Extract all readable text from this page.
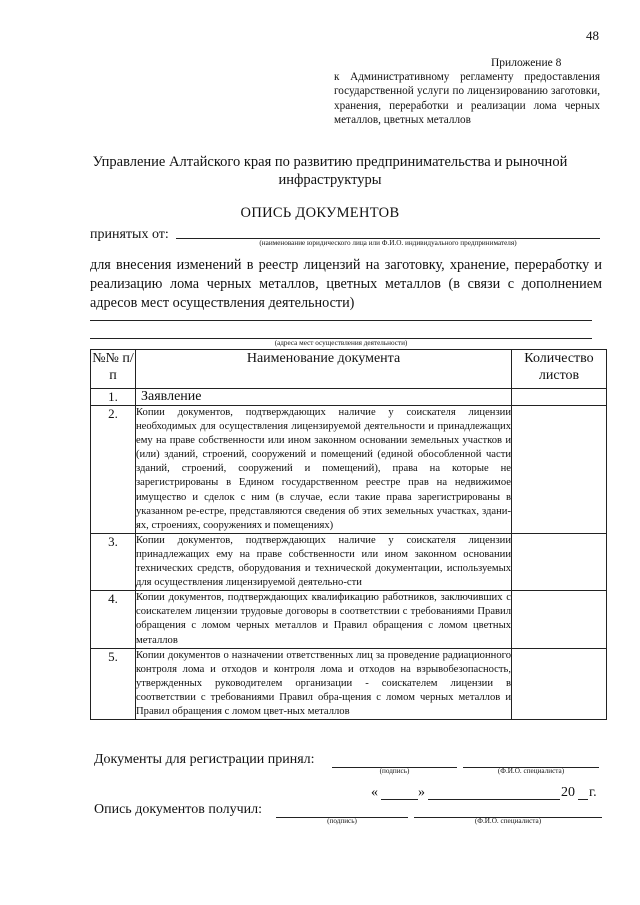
48
Приложение 8
к Административному регламенту предоставления государственной услуги по лицензированию заготовки, хранения, переработки и реализации лома черных металлов, цветных металлов
Управление Алтайского края по развитию предпринимательства и рыночной инфраструктуры
ОПИСЬ ДОКУМЕНТОВ
принятых от:
(наименование юридического лица или Ф.И.О. индивидуального предпринимателя)
для внесения изменений в реестр лицензий на заготовку, хранение, переработку и реализацию лома черных металлов, цветных металлов (в связи с дополнением адресов мест осуществления деятельности)
(адреса мест осуществления деятельности)
№№ п/п	Наименование документа	Количество листов
1.	Заявление	
2.	Копии документов, подтверждающих наличие у соискателя лицензии необходимых для осуществления лицензируемой деятельности и принадлежащих ему на праве собственности или ином законном основании земельных участков и (или) зданий, строений, сооружений и помещений (единой обособленной части зданий, строений, сооружений и помещений), права на которые не зарегистрированы в Едином государственном реестре прав на недвижимое имущество и сделок с ним (в случае, если такие права зарегистрированы в указанном ре-естре, представляются сведения об этих земельных участках, здани-ях, строениях, сооружениях и помещениях)	
3.	Копии документов, подтверждающих наличие у соискателя лицензии принадлежащих ему на праве собственности или ином законном основании технических средств, оборудования и технической документации, используемых для осуществления лицензируемой деятельно-сти	
4.	Копии документов, подтверждающих квалификацию работников, заключивших с соискателем лицензии трудовые договоры в соответствии с требованиями Правил обращения с ломом черных металлов и Правил обращения с ломом цветных металлов	
5.	Копии документов о назначении ответственных лиц за проведение радиационного контроля лома и отходов и контроля лома и отходов на взрывобезопасность, утвержденных руководителем организации - соискателем лицензии в соответствии с требованиями Правил обра-щения с ломом черных металлов и Правил обращения с ломом цвет-ных металлов	
Документы для регистрации принял:
(подпись)	(Ф.И.О. специалиста)
«	»	20 г.
Опись документов получил:
(подпись)	(Ф.И.О. специалиста)
